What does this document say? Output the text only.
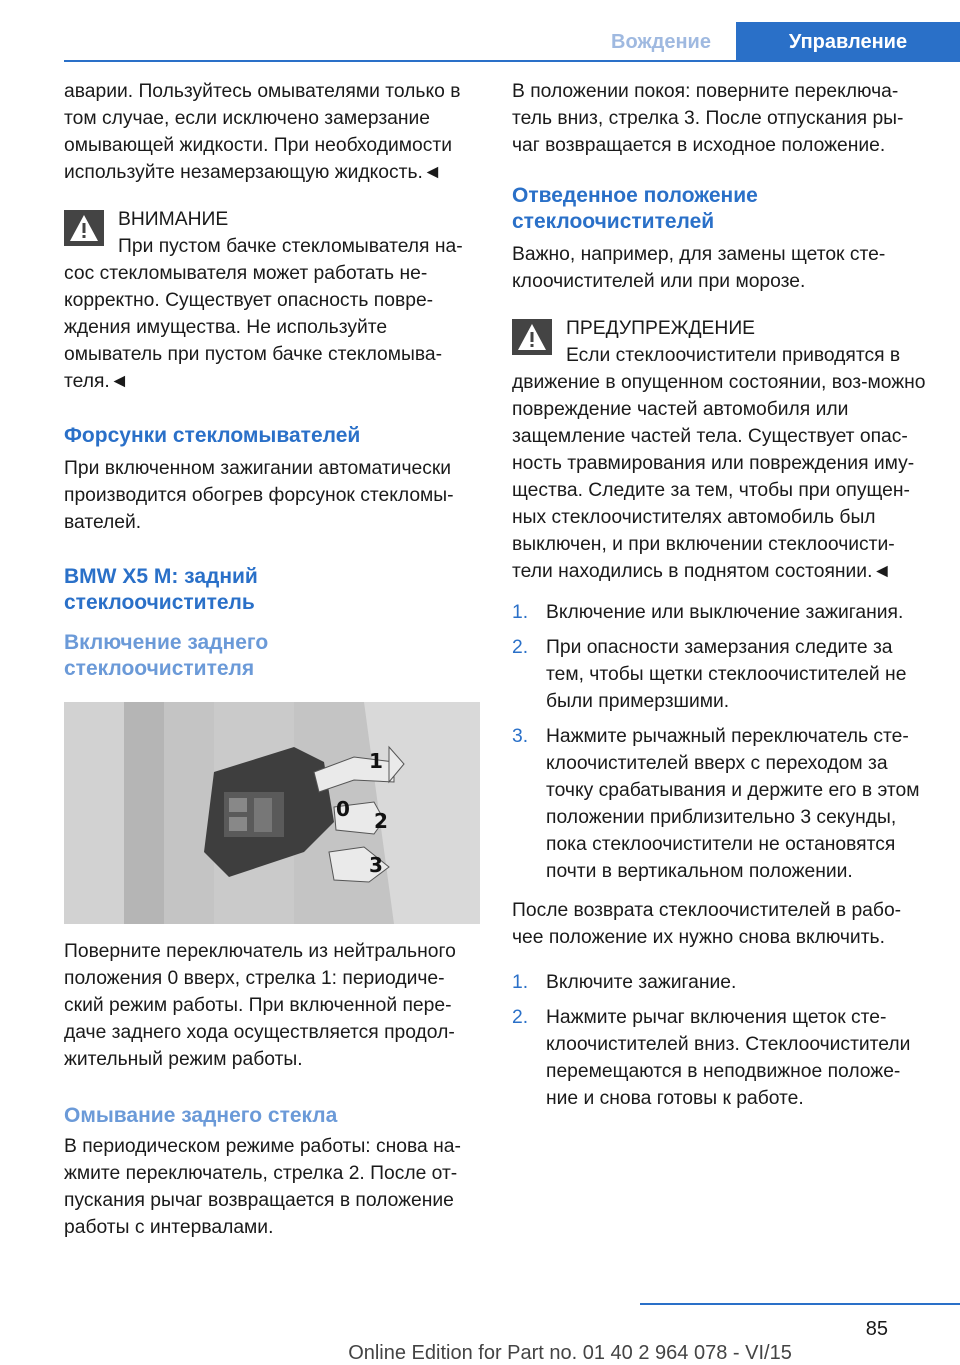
Вождение	Управление

аварии. Пользуйтесь омывателями только в том случае, если исключено замерзание омывающей жидкости. При необходимости используйте незамерзающую жидкость.◄

ВНИМАНИЕ

При пустом бачке стекломывателя на-
сос стекломывателя может работать не-корректно. Существует опасность повре-ждения имущества. Не используйте омыватель при пустом бачке стекломыва-теля.◄

Форсунки стекломывателей

При включенном зажигании автоматически производится обогрев форсунок стекломы-вателей.

BMW X5 M: задний стеклоочиститель
Включение заднего стеклоочистителя
1
0 2
3

Поверните переключатель из нейтрального положения 0 вверх, стрелка 1: периодиче-ский режим работы. При включенной пере-даче заднего хода осуществляется продол-жительный режим работы.

Омывание заднего стекла

В периодическом режиме работы: снова на-жмите переключатель, стрелка 2. После от-пускания рычаг возвращается в положение работы с интервалами.

В положении покоя: поверните переключа-тель вниз, стрелка 3. После отпускания ры-чаг возвращается в исходное положение.

Отведенное положение стеклоочистителей

Важно, например, для замены щеток сте-клоочистителей или при морозе.

ПРЕДУПРЕЖДЕНИЕ

Если стеклоочистители приводятся в
движение в опущенном состоянии, воз-можно повреждение частей автомобиля или защемление частей тела. Существует опас-ность травмирования или повреждения иму-щества. Следите за тем, чтобы при опущен-ных стеклоочистителях автомобиль был выключен, и при включении стеклоочисти-тели находились в поднятом состоянии.◄

1. Включение или выключение зажигания.
2. При опасности замерзания следите за тем, чтобы щетки стеклоочистителей не были примерзшими.
3. Нажмите рычажный переключатель сте-клоочистителей вверх с переходом за точку срабатывания и держите его в этом положении приблизительно 3 секунды, пока стеклоочистители не остановятся почти в вертикальном положении.

После возврата стеклоочистителей в рабо-чее положение их нужно снова включить.

1. Включите зажигание.
2. Нажмите рычаг включения щеток сте-клоочистителей вниз. Стеклоочистители перемещаются в неподвижное положе-ние и снова готовы к работе.
85
Online Edition for Part no. 01 40 2 964 078 - VI/15
